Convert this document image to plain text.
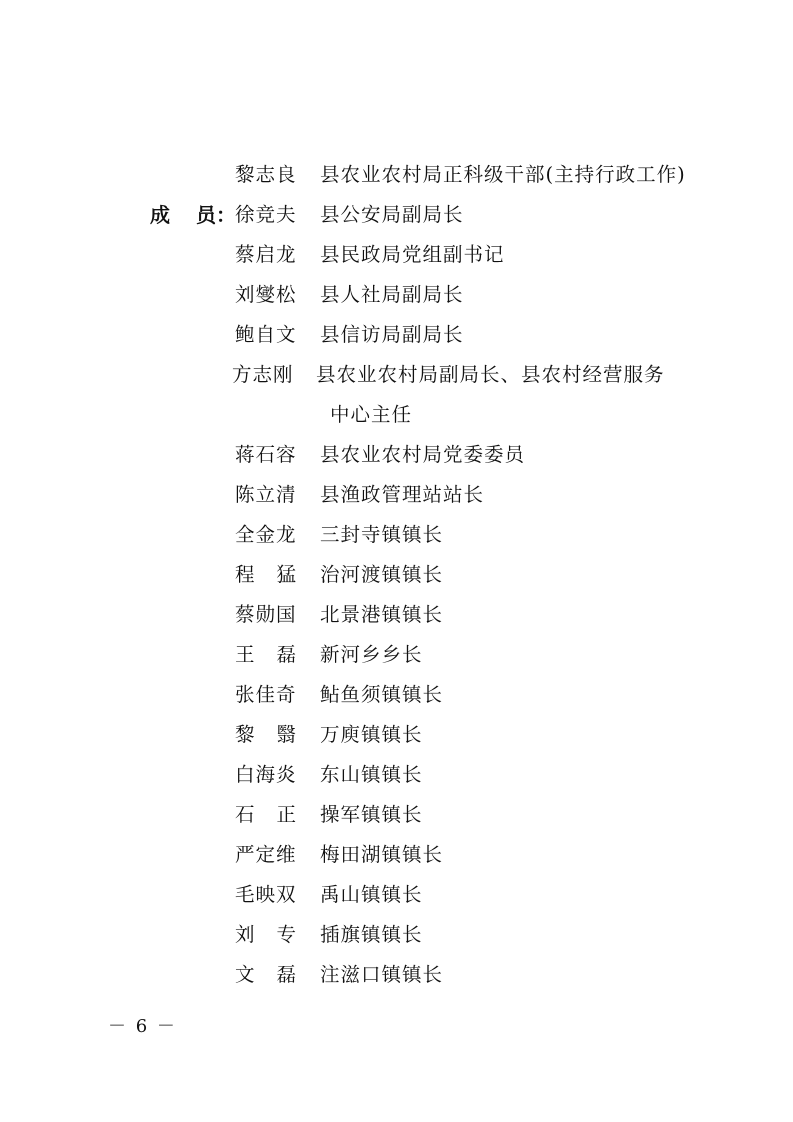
黎志良 县农业农村局正科级干部(主持行政工作)
成 员： 徐竞夫 县公安局副局长
蔡启龙 县民政局党组副书记
刘燮松 县人社局副局长
鲍自文 县信访局副局长
方志刚 县农业农村局副局长、县农村经营服务
中心主任
蒋石容 县农业农村局党委委员
陈立清 县渔政管理站站长
全金龙 三封寺镇镇长
程 猛 治河渡镇镇长
蔡勋国 北景港镇镇长
王 磊 新河乡乡长
张佳奇 鲇鱼须镇镇长
黎 翳 万庾镇镇长
白海炎 东山镇镇长
石 正 操军镇镇长
严定维 梅田湖镇镇长
毛映双 禹山镇镇长
刘 专 插旗镇镇长
文 磊 注滋口镇镇长
－ 6 －
